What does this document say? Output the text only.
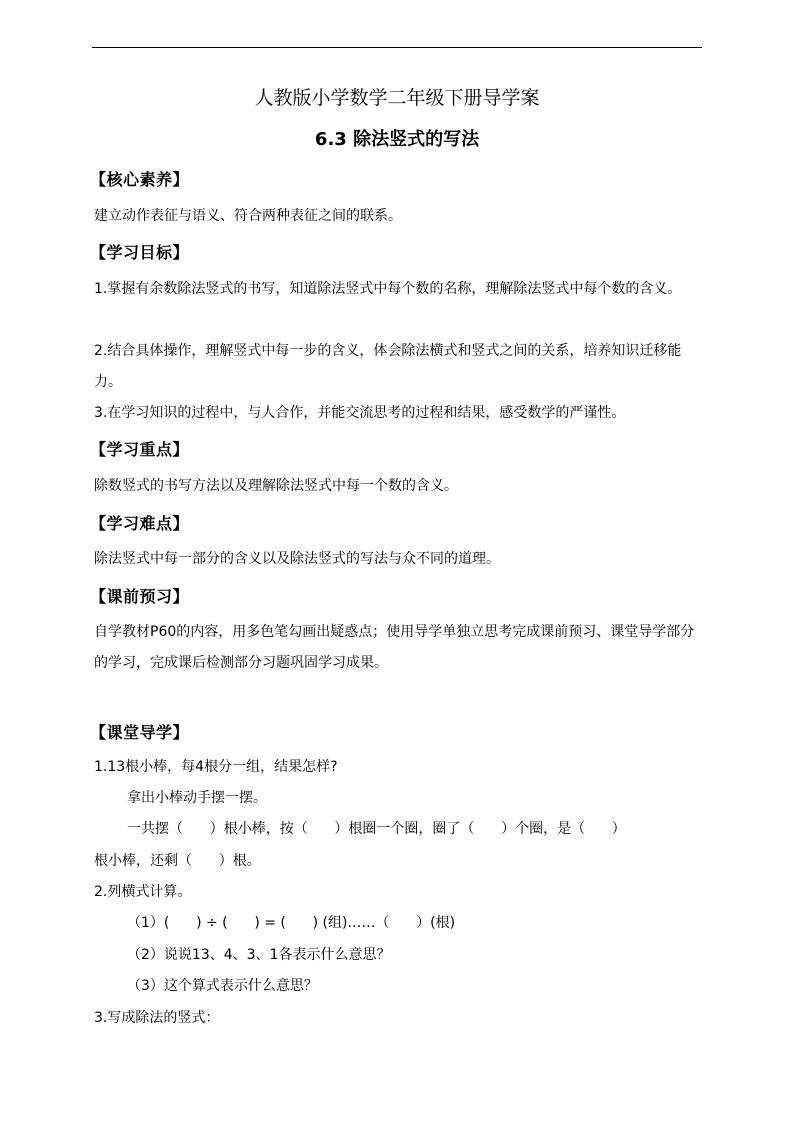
人教版小学数学二年级下册导学案
6.3 除法竖式的写法
【核心素养】
建立动作表征与语义、符合两种表征之间的联系。
【学习目标】

1.掌握有余数除法竖式的书写，知道除法竖式中每个数的名称，理解除法竖式中每个数的含义。

2.结合具体操作，理解竖式中每一步的含义，体会除法横式和竖式之间的关系，培养知识迁移能力。

3.在学习知识的过程中，与人合作，并能交流思考的过程和结果，感受数学的严谨性。

【学习重点】
除数竖式的书写方法以及理解除法竖式中每一个数的含义。
【学习难点】
除法竖式中每一部分的含义以及除法竖式的写法与众不同的道理。
【课前预习】

自学教材P60的内容，用多色笔勾画出疑惑点；使用导学单独立思考完成课前预习、课堂导学部分的学习，完成课后检测部分习题巩固学习成果。

【课堂导学】
1.13根小棒，每4根分一组，结果怎样?
拿出小棒动手摆一摆。
一共摆（      ）根小棒，按（      ）根圈一个圈，圈了（      ）个圈，是（      ）
根小棒，还剩（      ）根。
2.列横式计算。
（1）(      ) ÷ (      ) = (      ) (组)……（      ）(根)
（2）说说13、4、3、1各表示什么意思？
（3）这个算式表示什么意思？
3.写成除法的竖式：
